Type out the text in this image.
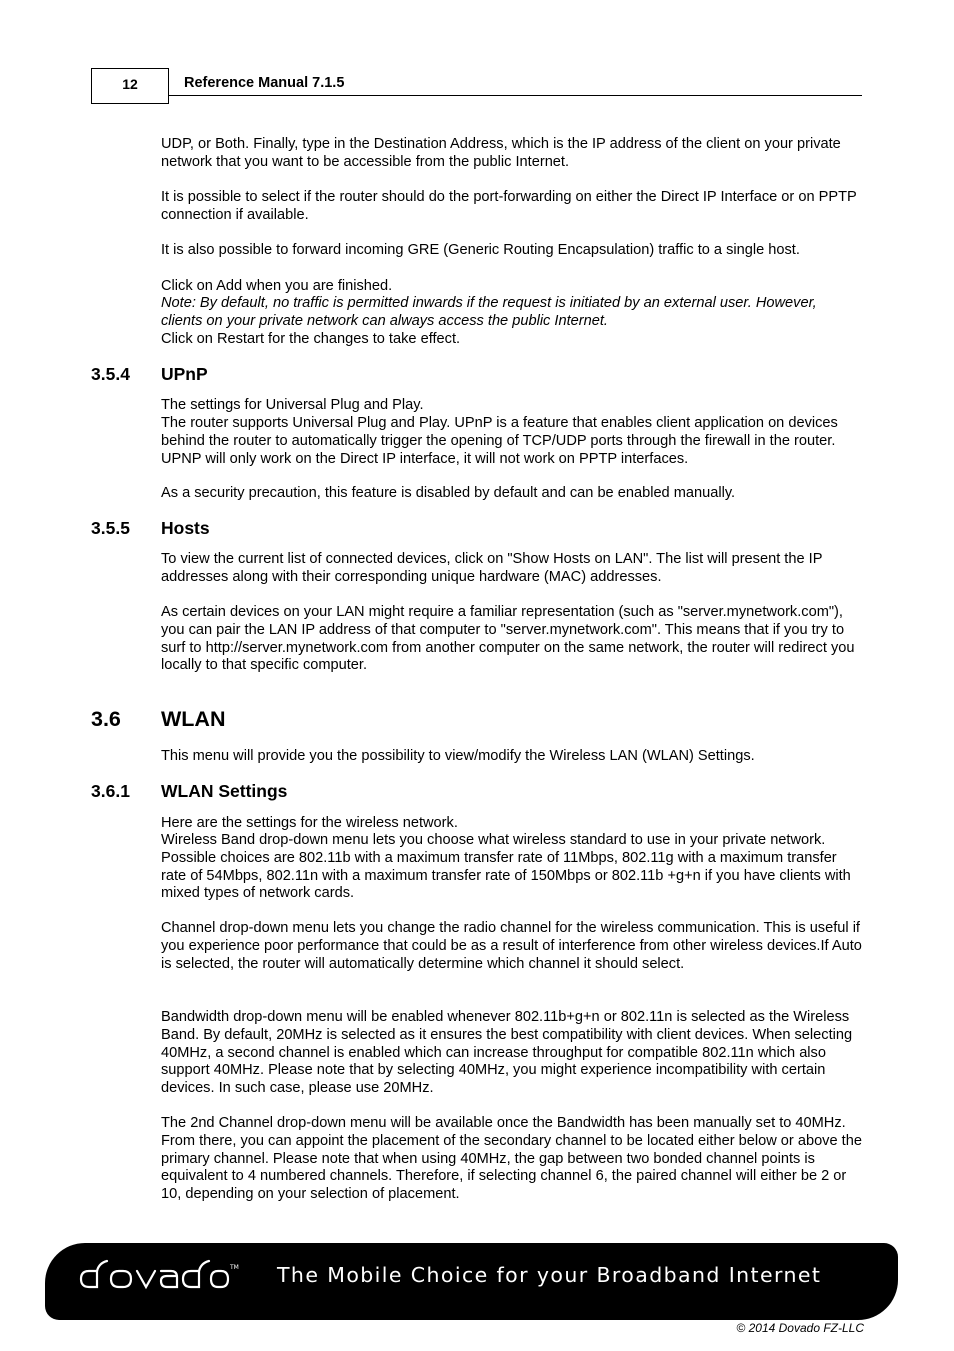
12	Reference Manual 7.1.5

UDP, or Both. Finally, type in the Destination Address, which is the IP address of the client on your private network that you want to be accessible from the public Internet.

It is possible to select if the router should do the port-forwarding on either the Direct IP Interface or on PPTP connection if available.

It is also possible to forward incoming GRE (Generic Routing Encapsulation) traffic to a single host.

Click on Add when you are finished.

Note: By default, no traffic is permitted inwards if the request is initiated by an external user. However, clients on your private network can always access the public Internet.

Click on Restart for the changes to take effect.

3.5.4 UPnP

The settings for Universal Plug and Play.

The router supports Universal Plug and Play. UPnP is a feature that enables client application on devices behind the router to automatically trigger the opening of TCP/UDP ports through the firewall in the router. UPNP will only work on the Direct IP interface, it will not work on PPTP interfaces.

As a security precaution, this feature is disabled by default and can be enabled manually.

3.5.5 Hosts

To view the current list of connected devices, click on "Show Hosts on LAN". The list will present the IP addresses along with their corresponding unique hardware (MAC) addresses.

As certain devices on your LAN might require a familiar representation (such as "server.mynetwork.com"), you can pair the LAN IP address of that computer to "server.mynetwork.com". This means that if you try to surf to http://server.mynetwork.com from another computer on the same network, the router will redirect you locally to that specific computer.

3.6 WLAN

This menu will provide you the possibility to view/modify the Wireless LAN (WLAN) Settings.

3.6.1 WLAN Settings

Here are the settings for the wireless network.

Wireless Band drop-down menu lets you choose what wireless standard to use in your private network. Possible choices are 802.11b with a maximum transfer rate of 11Mbps, 802.11g with a maximum transfer rate of 54Mbps, 802.11n with a maximum transfer rate of 150Mbps or 802.11b +g+n if you have clients with mixed types of network cards.

Channel drop-down menu lets you change the radio channel for the wireless communication. This is useful if you experience poor performance that could be as a result of interference from other wireless devices.If Auto is selected, the router will automatically determine which channel it should select.

Bandwidth drop-down menu will be enabled whenever 802.11b+g+n or 802.11n is selected as the Wireless Band. By default, 20MHz is selected as it ensures the best compatibility with client devices. When selecting 40MHz, a second channel is enabled which can increase throughput for compatible 802.11n which also support 40MHz. Please note that by selecting 40MHz, you might experience incompatibility with certain devices. In such case, please use 20MHz.

The 2nd Channel drop-down menu will be available once the Bandwidth has been manually set to 40MHz. From there, you can appoint the placement of the secondary channel to be located either below or above the primary channel. Please note that when using 40MHz, the gap between two bonded channel points is equivalent to 4 numbered channels. Therefore, if selecting channel 6, the paired channel will either be 2 or 10, depending on your selection of placement.

TM The Mobile Choice for your Broadband Internet
© 2014 Dovado FZ-LLC
